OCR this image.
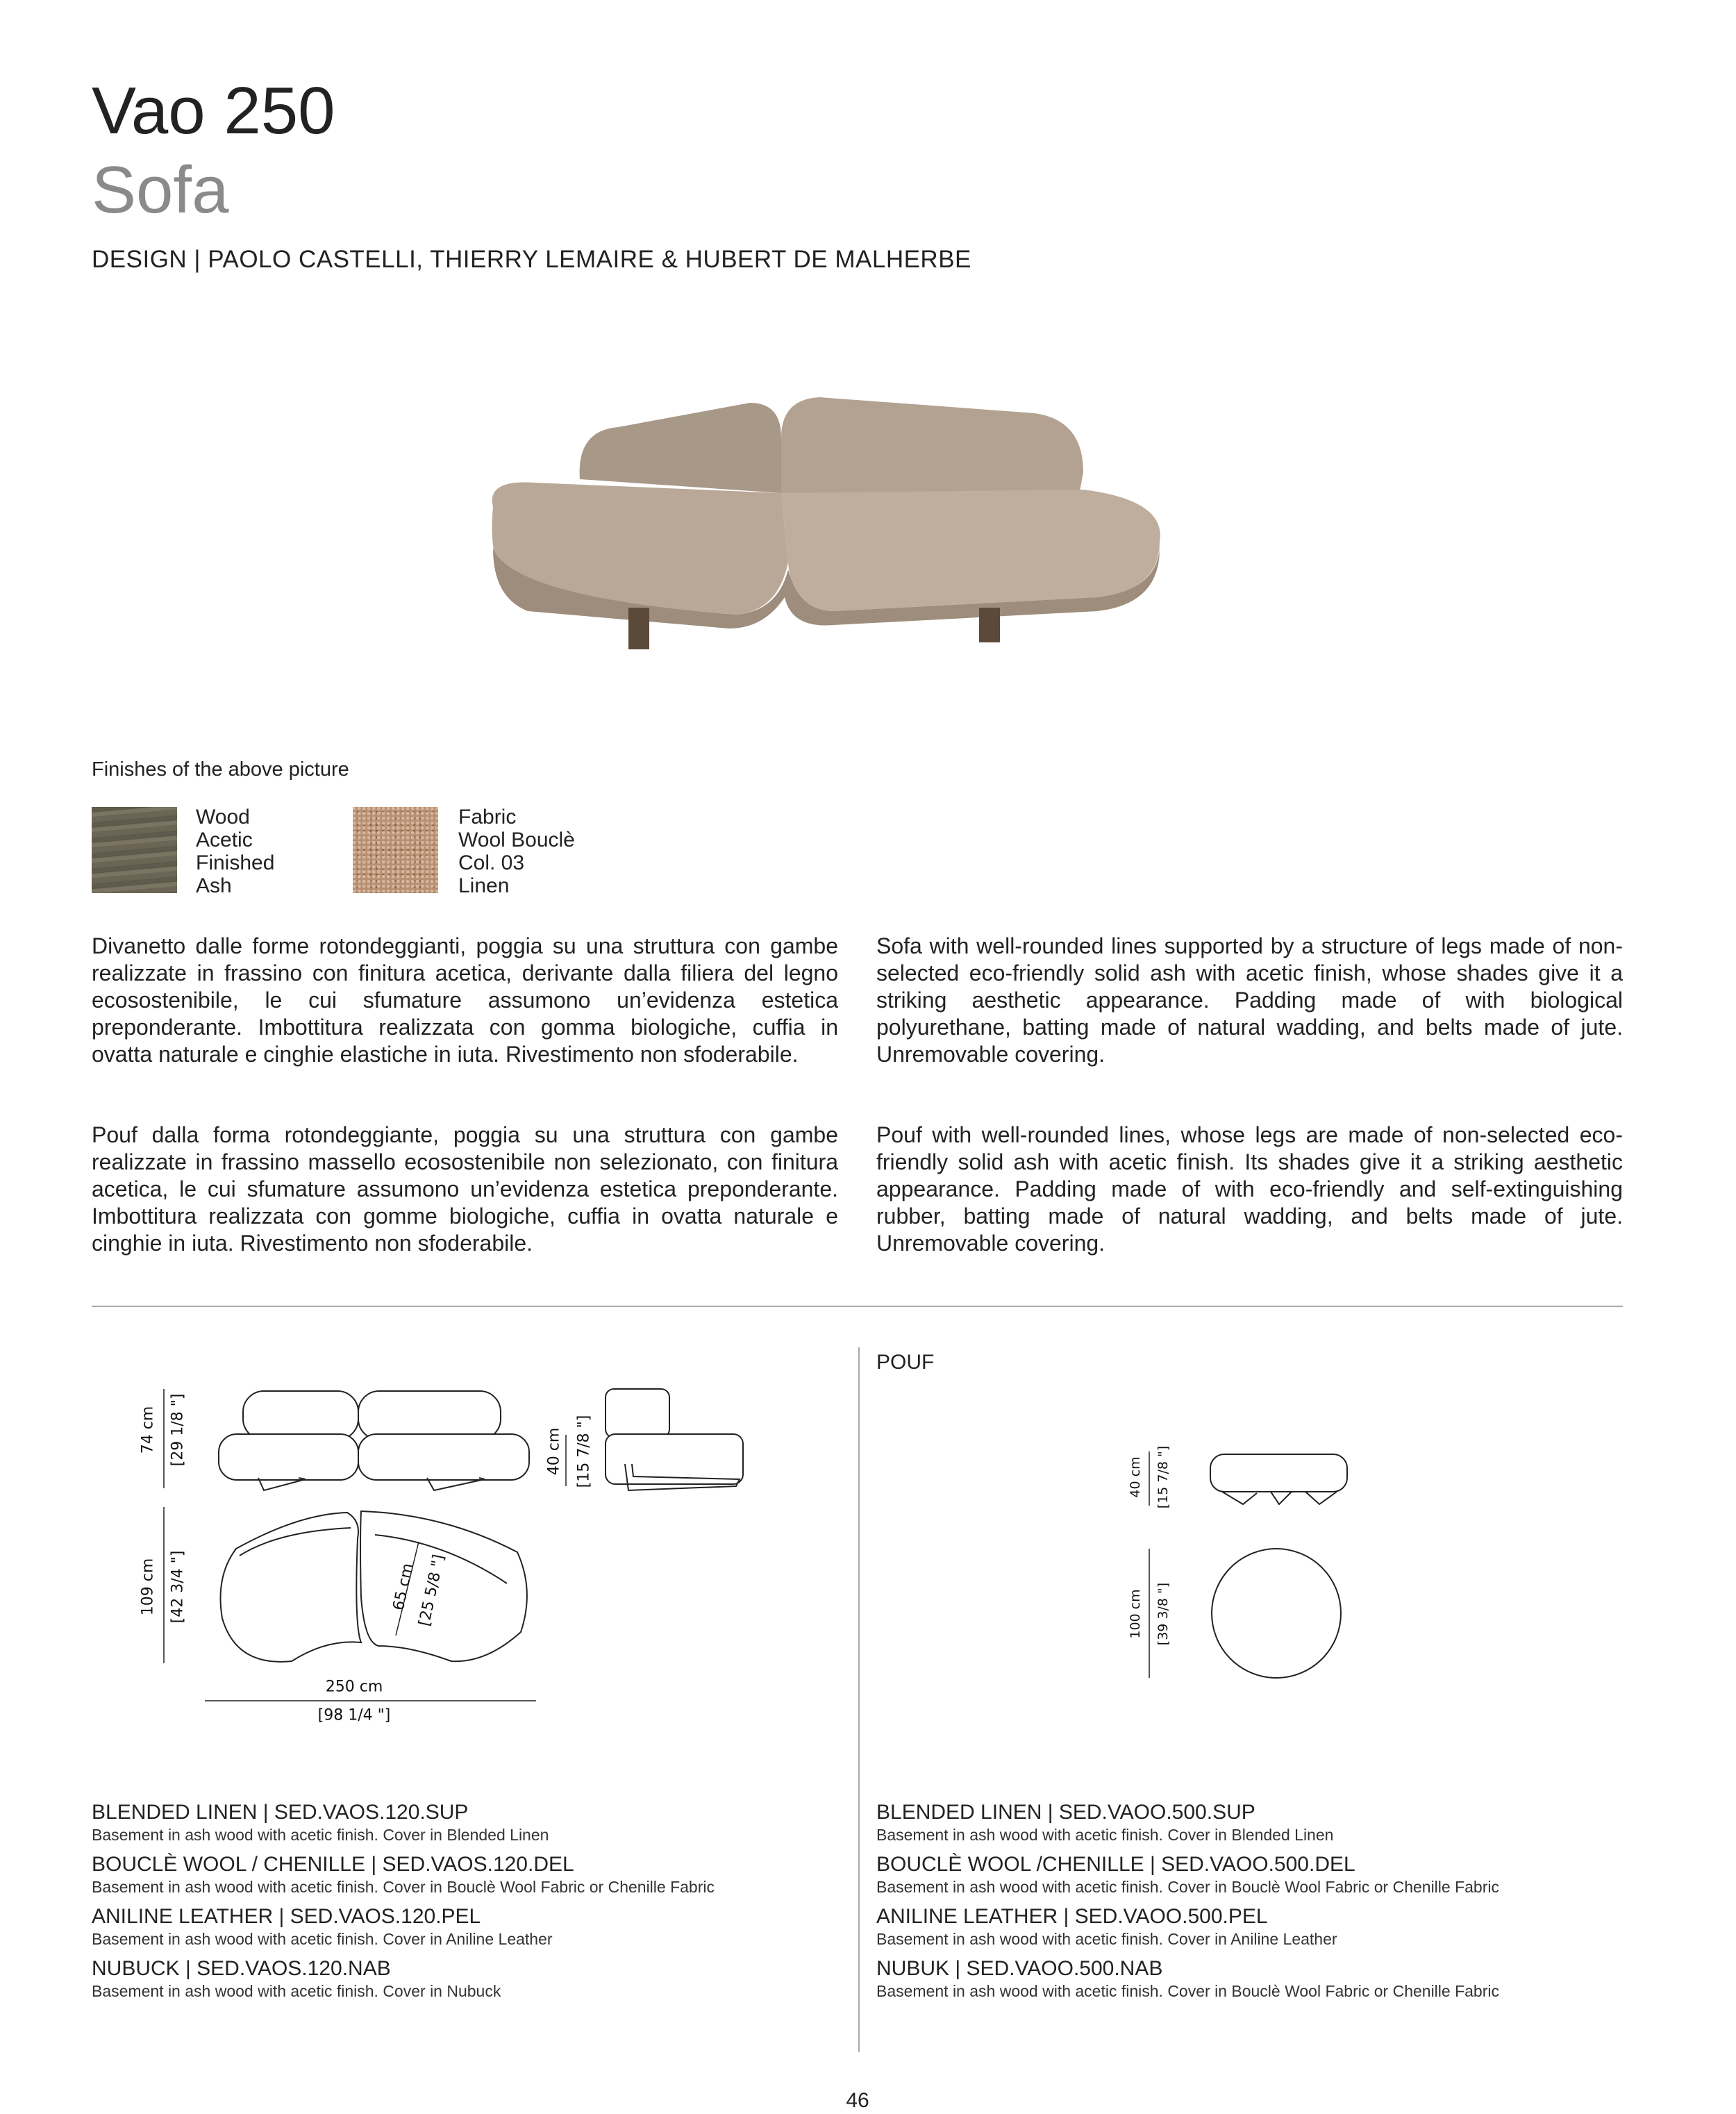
Vao 250
Sofa
DESIGN | PAOLO CASTELLI, THIERRY LEMAIRE & HUBERT DE MALHERBE
Finishes of the above picture
Wood
Acetic
Finished
Ash
Fabric
Wool Bouclè
Col. 03
Linen

Divanetto dalle forme rotondeggianti, poggia su una struttura con gambe realizzate in frassino con finitura acetica, derivante dalla filiera del legno ecosostenibile, le cui sfumature assumono un’evidenza estetica preponderante. Imbottitura realizzata con gomma biologiche, cuffia in ovatta naturale e cinghie elastiche in iuta. Rivestimento non sfoderabile.

Sofa with well-rounded lines supported by a structure of legs made of non-selected eco-friendly solid ash with acetic finish, whose shades give it a striking aesthetic appearance. Padding made of with biological polyurethane, batting made of natural wadding, and belts made of jute. Unremovable covering.

Pouf dalla forma rotondeggiante, poggia su una struttura con gambe realizzate in frassino massello ecosostenibile non selezionato, con finitura acetica, le cui sfumature assumono un’evidenza estetica preponderante. Imbottitura realizzata con gomme biologiche, cuffia in ovatta naturale e cinghie in iuta. Rivestimento non sfoderabile.

Pouf with well-rounded lines, whose legs are made of non-selected eco-friendly solid ash with acetic finish. Its shades give it a striking aesthetic appearance. Padding made of with eco-friendly and self-extinguishing rubber, batting made of natural wadding, and belts made of jute. Unremovable covering.

POUF
74 cm [29 1/8 "]	40 cm [15 7/8 "]
109 cm [42 3/4 "]	65 cm
[25 5/8 "]
250 cm
[98 1/4 "]
40 cm [15 7/8 "]
100 cm [39 3/8 "]
BLENDED LINEN | SED.VAOS.120.SUP
Basement in ash wood with acetic finish. Cover in Blended Linen
BOUCLÈ WOOL / CHENILLE | SED.VAOS.120.DEL
Basement in ash wood with acetic finish. Cover in Bouclè Wool Fabric or Chenille Fabric
ANILINE LEATHER | SED.VAOS.120.PEL
Basement in ash wood with acetic finish. Cover in Aniline Leather
NUBUCK | SED.VAOS.120.NAB
Basement in ash wood with acetic finish. Cover in Nubuck
BLENDED LINEN | SED.VAOO.500.SUP
Basement in ash wood with acetic finish. Cover in Blended Linen
BOUCLÈ WOOL /CHENILLE | SED.VAOO.500.DEL
Basement in ash wood with acetic finish. Cover in Bouclè Wool Fabric or Chenille Fabric
ANILINE LEATHER | SED.VAOO.500.PEL
Basement in ash wood with acetic finish. Cover in Aniline Leather
NUBUK | SED.VAOO.500.NAB
Basement in ash wood with acetic finish. Cover in Bouclè Wool Fabric or Chenille Fabric
46
